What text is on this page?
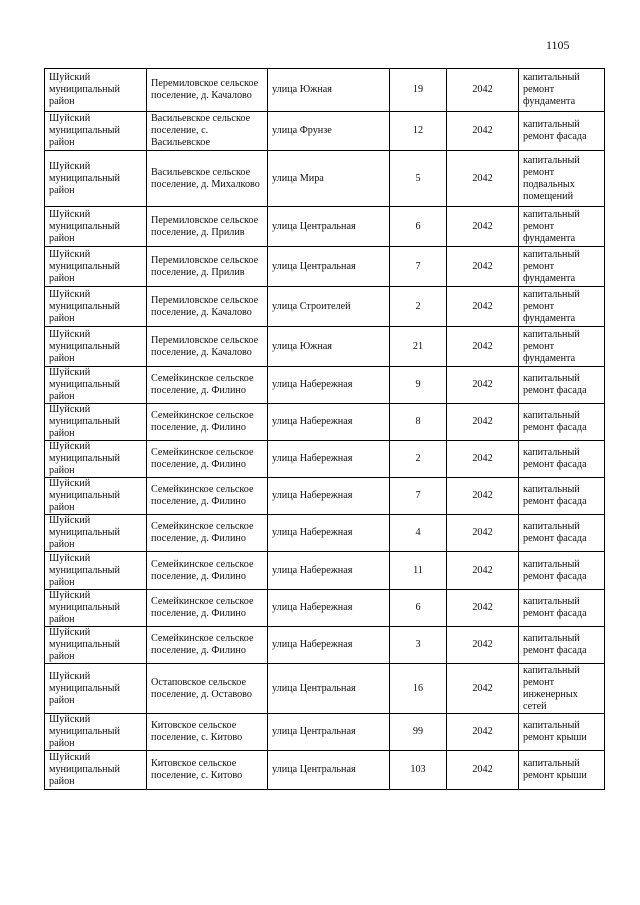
1105
Шуйский муниципальный район	Перемиловское сельское поселение, д. Качалово	улица Южная	19	2042	капитальный ремонт фундамента
Шуйский муниципальный район	Васильевское сельское поселение, с. Васильевское	улица Фрунзе	12	2042	капитальный ремонт фасада
Шуйский муниципальный район	Васильевское сельское поселение, д. Михалково	улица Мира	5	2042	капитальный ремонт подвальных помещений
Шуйский муниципальный район	Перемиловское сельское поселение, д. Прилив	улица Центральная	6	2042	капитальный ремонт фундамента
Шуйский муниципальный район	Перемиловское сельское поселение, д. Прилив	улица Центральная	7	2042	капитальный ремонт фундамента
Шуйский муниципальный район	Перемиловское сельское поселение, д. Качалово	улица Строителей	2	2042	капитальный ремонт фундамента
Шуйский муниципальный район	Перемиловское сельское поселение, д. Качалово	улица Южная	21	2042	капитальный ремонт фундамента
Шуйский муниципальный район	Семейкинское сельское поселение, д. Филино	улица Набережная	9	2042	капитальный ремонт фасада
Шуйский муниципальный район	Семейкинское сельское поселение, д. Филино	улица Набережная	8	2042	капитальный ремонт фасада
Шуйский муниципальный район	Семейкинское сельское поселение, д. Филино	улица Набережная	2	2042	капитальный ремонт фасада
Шуйский муниципальный район	Семейкинское сельское поселение, д. Филино	улица Набережная	7	2042	капитальный ремонт фасада
Шуйский муниципальный район	Семейкинское сельское поселение, д. Филино	улица Набережная	4	2042	капитальный ремонт фасада
Шуйский муниципальный район	Семейкинское сельское поселение, д. Филино	улица Набережная	11	2042	капитальный ремонт фасада
Шуйский муниципальный район	Семейкинское сельское поселение, д. Филино	улица Набережная	6	2042	капитальный ремонт фасада
Шуйский муниципальный район	Семейкинское сельское поселение, д. Филино	улица Набережная	3	2042	капитальный ремонт фасада
Шуйский муниципальный район	Остаповское сельское поселение, д. Оставово	улица Центральная	16	2042	капитальный ремонт инженерных сетей
Шуйский муниципальный район	Китовское сельское поселение, с. Китово	улица Центральная	99	2042	капитальный ремонт крыши
Шуйский муниципальный район	Китовское сельское поселение, с. Китово	улица Центральная	103	2042	капитальный ремонт крыши
